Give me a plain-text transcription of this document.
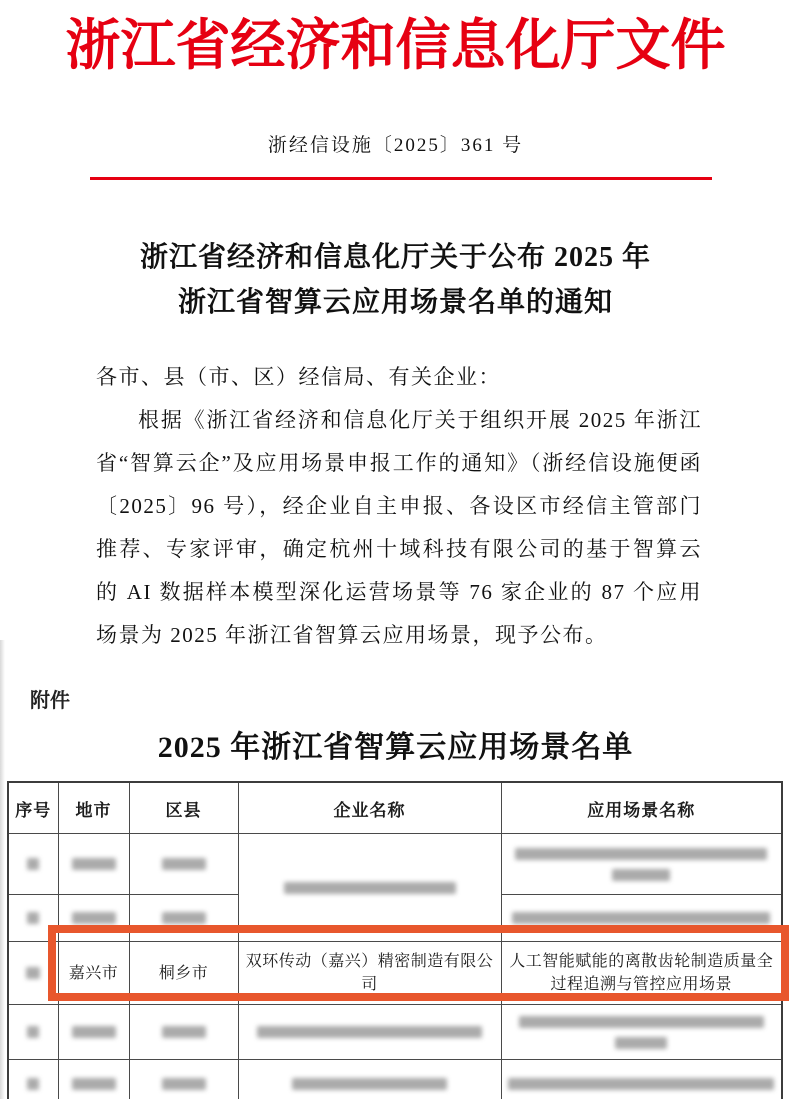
浙江省经济和信息化厅文件
浙经信设施〔2025〕361 号
浙江省经济和信息化厅关于公布 2025 年
浙江省智算云应用场景名单的通知

各市、县（市、区）经信局、有关企业：

根据《浙江省经济和信息化厅关于组织开展 2025 年浙江省“智算云企”及应用场景申报工作的通知》（浙经信设施便函〔2025〕96 号），经企业自主申报、各设区市经信主管部门推荐、专家评审，确定杭州十域科技有限公司的基于智算云的 AI 数据样本模型深化运营场景等 76 家企业的 87 个应用场景为 2025 年浙江省智算云应用场景，现予公布。

附件
2025 年浙江省智算云应用场景名单
序号	地市	区县	企业名称	应用场景名称

	嘉兴市	桐乡市	双环传动（嘉兴）精密制造有限公司	人工智能赋能的离散齿轮制造质量全过程追溯与管控应用场景
